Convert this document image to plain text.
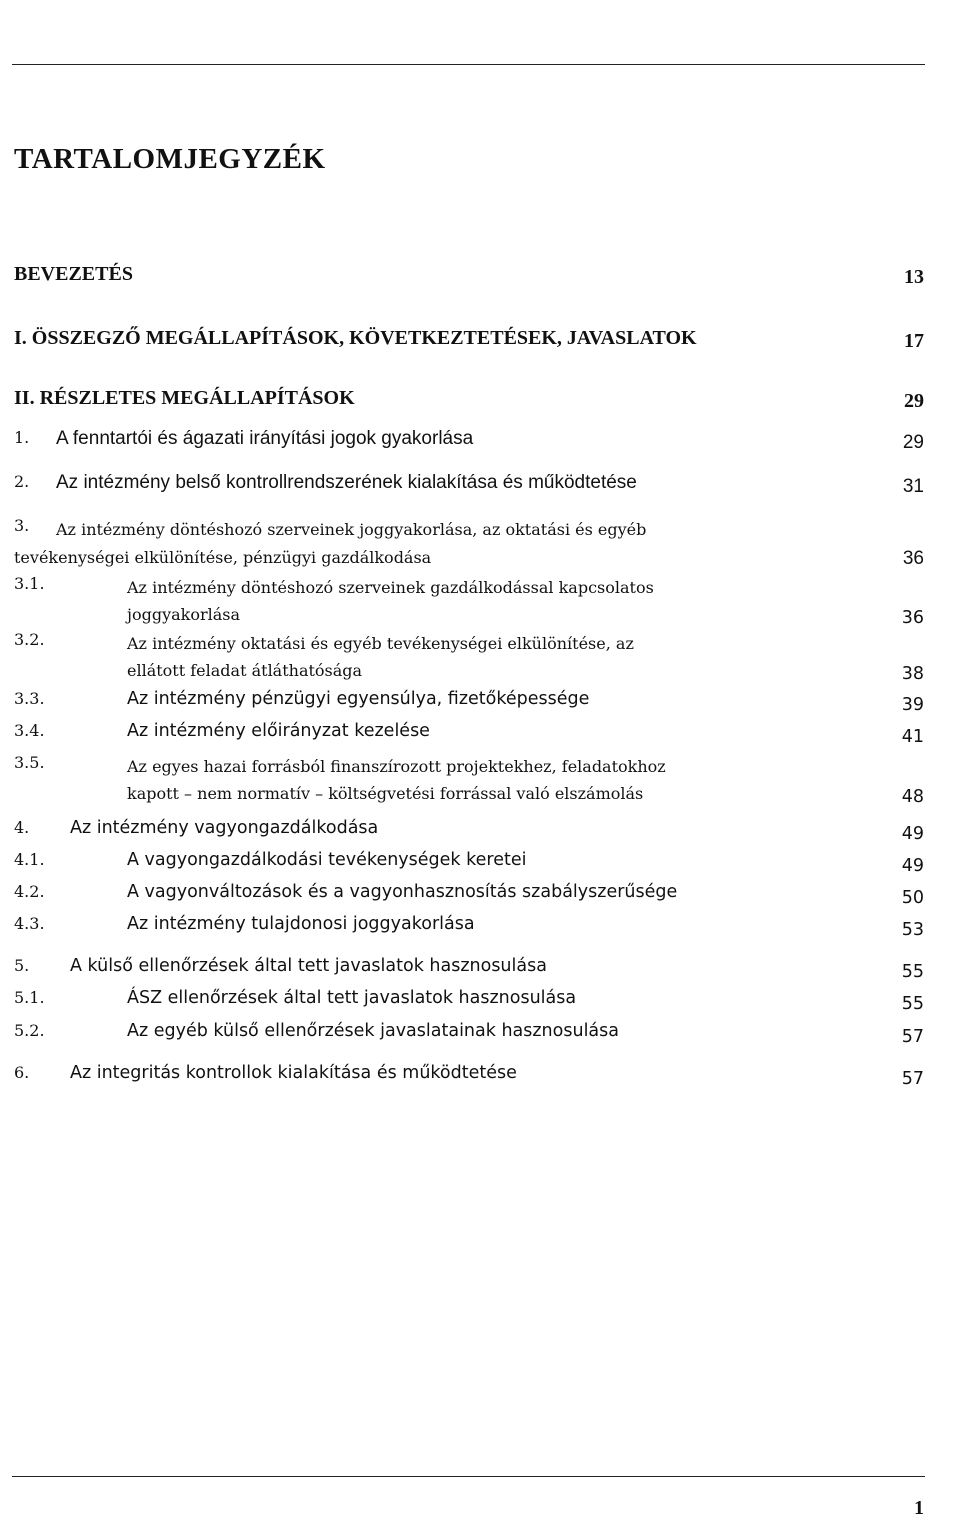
TARTALOMJEGYZÉK
BEVEZETÉS	13
I. ÖSSZEGZŐ MEGÁLLAPÍTÁSOK, KÖVETKEZTETÉSEK, JAVASLATOK	17
II. RÉSZLETES MEGÁLLAPÍTÁSOK	29
1. A fenntartói és ágazati irányítási jogok gyakorlása	29
2. Az intézmény belső kontrollrendszerének kialakítása és működtetése	31
3. Az intézmény döntéshozó szerveinek joggyakorlása, az oktatási és egyéb
tevékenységei elkülönítése, pénzügyi gazdálkodása	36
3.1.	Az intézmény döntéshozó szerveinek gazdálkodással kapcsolatos
joggyakorlása	36
3.2.	Az intézmény oktatási és egyéb tevékenységei elkülönítése, az
ellátott feladat átláthatósága	38
3.3.	Az intézmény pénzügyi egyensúlya, fizetőképessége	39
3.4.	Az intézmény előirányzat kezelése	41
3.5.	Az egyes hazai forrásból finanszírozott projektekhez, feladatokhoz
kapott – nem normatív – költségvetési forrással való elszámolás	48
4. Az intézmény vagyongazdálkodása	49
4.1.	A vagyongazdálkodási tevékenységek keretei	49
4.2.	A vagyonváltozások és a vagyonhasznosítás szabályszerűsége	50
4.3.	Az intézmény tulajdonosi joggyakorlása	53
5. A külső ellenőrzések által tett javaslatok hasznosulása	55
5.1.	ÁSZ ellenőrzések által tett javaslatok hasznosulása	55
5.2.	Az egyéb külső ellenőrzések javaslatainak hasznosulása	57
6. Az integritás kontrollok kialakítása és működtetése	57
1
